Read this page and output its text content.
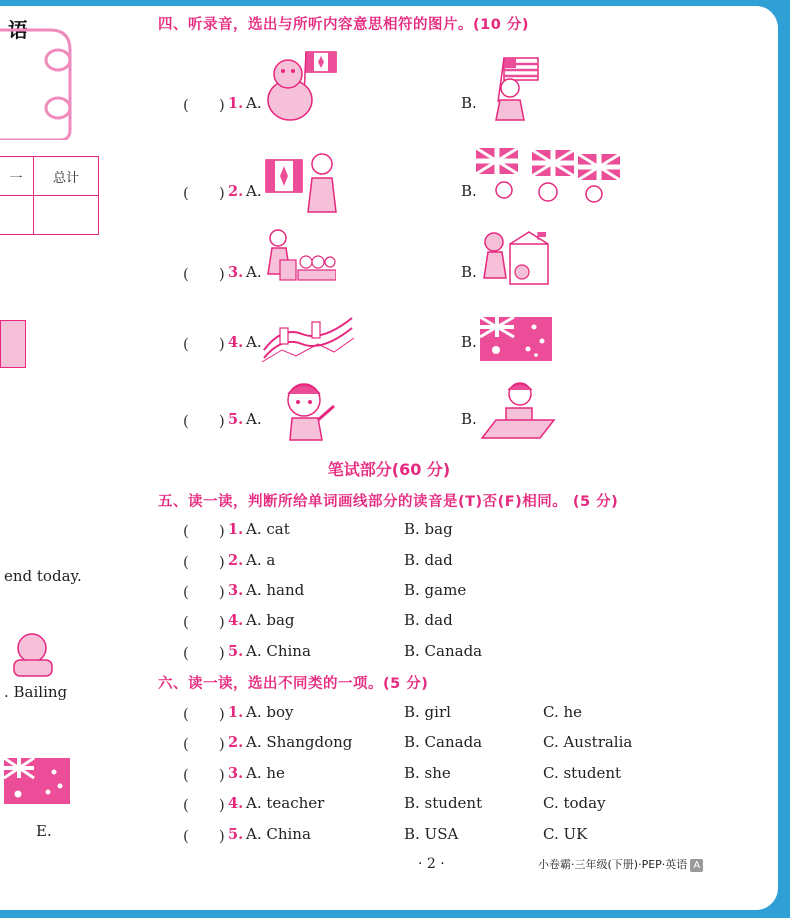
语
一	总计

end today.
. Bailing
E.
四、听录音，选出与所听内容意思相符的图片。(10 分)
(　　) 1. A.	B.
(　　) 2. A.	B.
(　　) 3. A.	B.
(　　) 4. A.	B.
(　　) 5. A.	B.
笔试部分(60 分)
五、读一读，判断所给单词画线部分的读音是(T)否(F)相同。 (5 分)
(　　) 1. A. cat	B. bag
(　　) 2. A. a	B. dad
(　　) 3. A. hand	B. game
(　　) 4. A. bag	B. dad
(　　) 5. A. China	B. Canada
六、读一读，选出不同类的一项。(5 分)
(　　) 1. A. boy	B. girl	C. he
(　　) 2. A. Shangdong	B. Canada	C. Australia
(　　) 3. A. he	B. she	C. student
(　　) 4. A. teacher	B. student	C. today
(　　) 5. A. China	B. USA	C. UK
· 2 ·	小卷霸·三年级(下册)·PEP·英语 A
